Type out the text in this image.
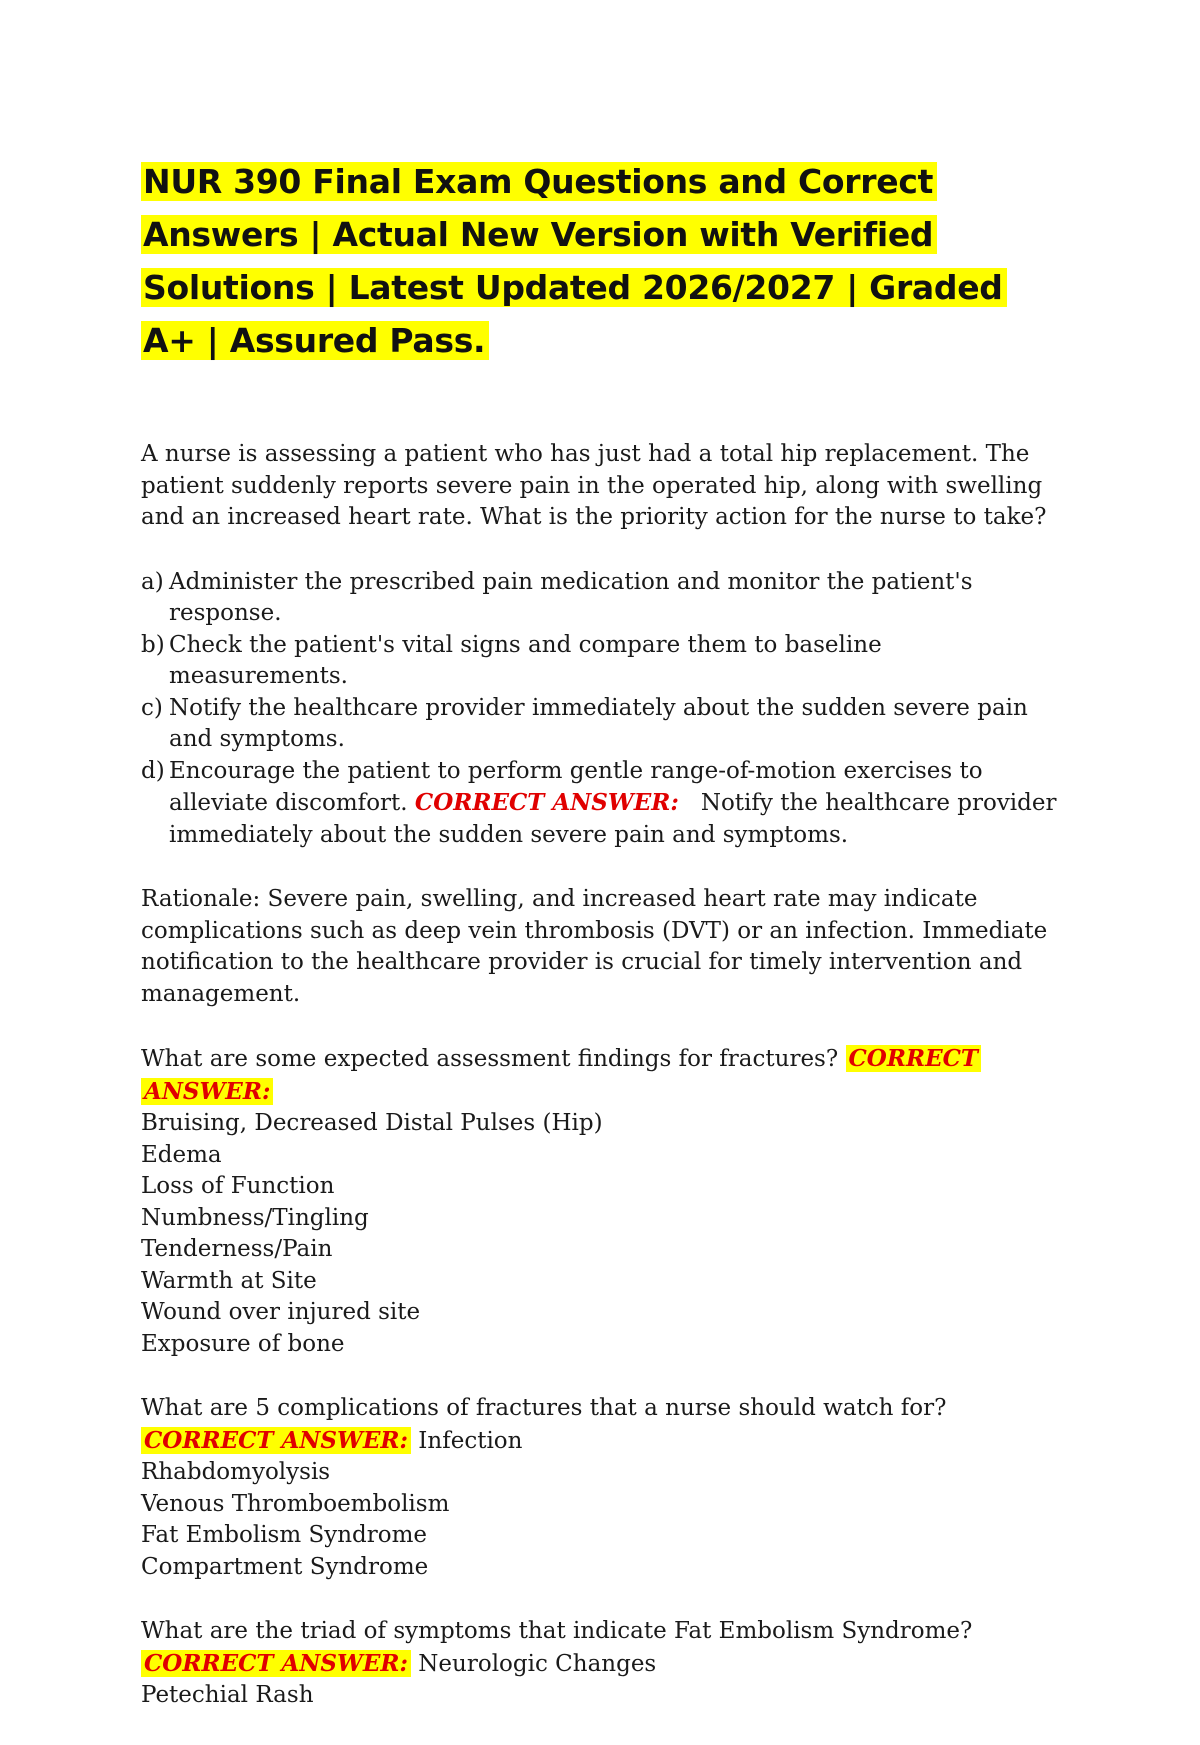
NUR 390 Final Exam Questions and Correct Answers | Actual New Version with Verified Solutions | Latest Updated 2026/2027 | Graded A+ | Assured Pass.

A nurse is assessing a patient who has just had a total hip replacement. The patient suddenly reports severe pain in the operated hip, along with swelling and an increased heart rate. What is the priority action for the nurse to take?

a) Administer the prescribed pain medication and monitor the patient's response.
b) Check the patient's vital signs and compare them to baseline measurements.
c) Notify the healthcare provider immediately about the sudden severe pain and symptoms.
d) Encourage the patient to perform gentle range-of-motion exercises to alleviate discomfort. CORRECT ANSWER: Notify the healthcare provider immediately about the sudden severe pain and symptoms.

Rationale: Severe pain, swelling, and increased heart rate may indicate complications such as deep vein thrombosis (DVT) or an infection. Immediate notification to the healthcare provider is crucial for timely intervention and management.

What are some expected assessment findings for fractures? CORRECT ANSWER:
Bruising, Decreased Distal Pulses (Hip)
Edema
Loss of Function
Numbness/Tingling
Tenderness/Pain
Warmth at Site
Wound over injured site
Exposure of bone
What are 5 complications of fractures that a nurse should watch for? CORRECT ANSWER: Infection
Rhabdomyolysis
Venous Thromboembolism
Fat Embolism Syndrome
Compartment Syndrome
What are the triad of symptoms that indicate Fat Embolism Syndrome? CORRECT ANSWER: Neurologic Changes
Petechial Rash
